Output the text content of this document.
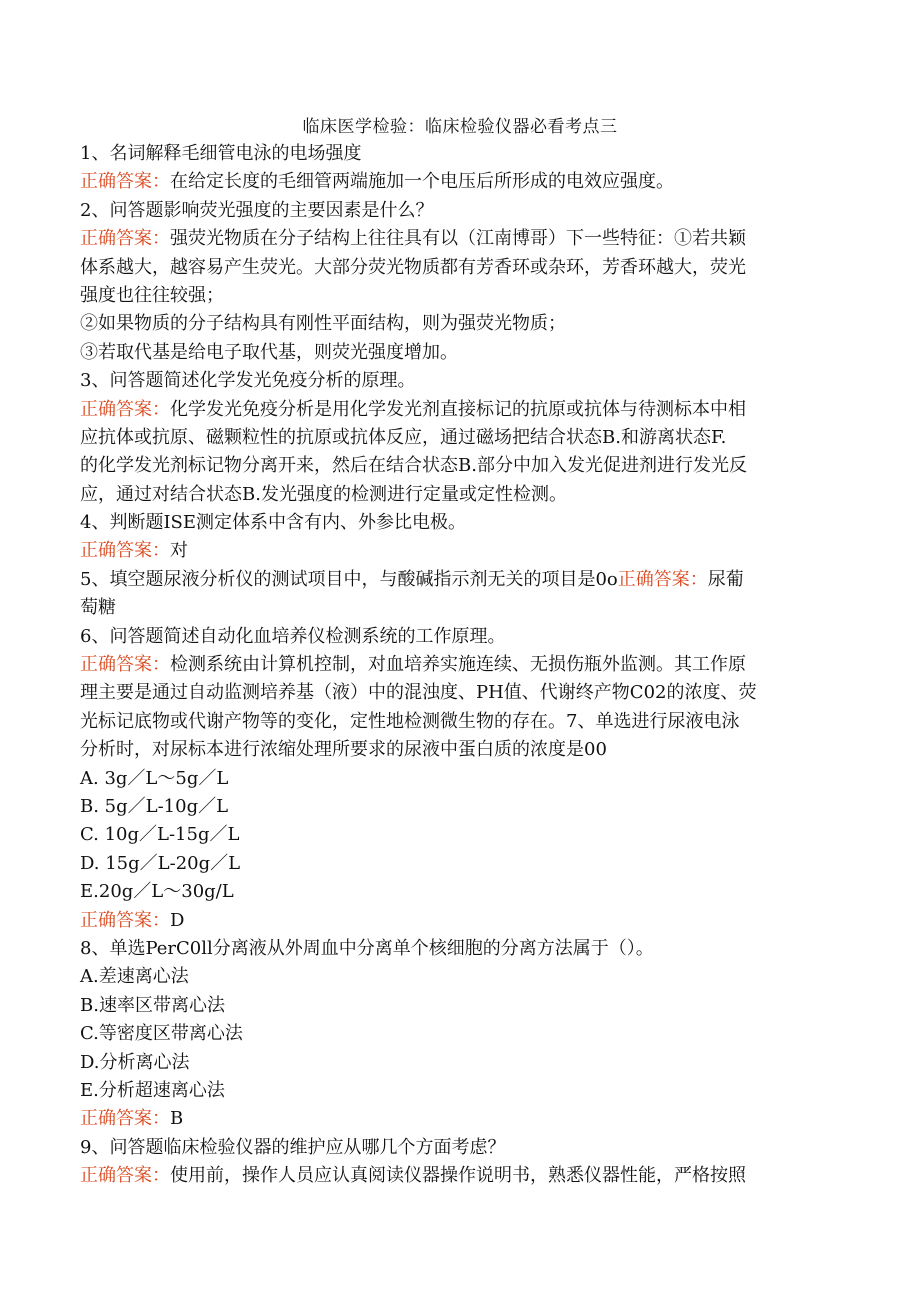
临床医学检验：临床检验仪器必看考点三
1、名词解释毛细管电泳的电场强度
正确答案：在给定长度的毛细管两端施加一个电压后所形成的电效应强度。
2、问答题影响荧光强度的主要因素是什么？
正确答案：强荧光物质在分子结构上往往具有以（江南博哥）下一些特征：①若共颖
体系越大，越容易产生荧光。大部分荧光物质都有芳香环或杂环，芳香环越大，荧光
强度也往往较强；
②如果物质的分子结构具有刚性平面结构，则为强荧光物质；
③若取代基是给电子取代基，则荧光强度增加。
3、问答题简述化学发光免疫分析的原理。
正确答案：化学发光免疫分析是用化学发光剂直接标记的抗原或抗体与待测标本中相
应抗体或抗原、磁颗粒性的抗原或抗体反应，通过磁场把结合状态B.和游离状态F.
的化学发光剂标记物分离开来，然后在结合状态B.部分中加入发光促进剂进行发光反
应，通过对结合状态B.发光强度的检测进行定量或定性检测。
4、判断题ISE测定体系中含有内、外参比电极。
正确答案：对
5、填空题尿液分析仪的测试项目中，与酸碱指示剂无关的项目是0o正确答案：尿葡
萄糖
6、问答题简述自动化血培养仪检测系统的工作原理。
正确答案：检测系统由计算机控制，对血培养实施连续、无损伤瓶外监测。其工作原
理主要是通过自动监测培养基（液）中的混浊度、PH值、代谢终产物C02的浓度、荧
光标记底物或代谢产物等的变化，定性地检测微生物的存在。7、单选进行尿液电泳
分析时，对尿标本进行浓缩处理所要求的尿液中蛋白质的浓度是00
A. 3g／L～5g／L
B. 5g／L-10g／L
C. 10g／L-15g／L
D. 15g／L-20g／L
E.20g／L～30g/L
正确答案：D
8、单选PerC0ll分离液从外周血中分离单个核细胞的分离方法属于（）。
A.差速离心法
B.速率区带离心法
C.等密度区带离心法
D.分析离心法
E.分析超速离心法
正确答案：B
9、问答题临床检验仪器的维护应从哪几个方面考虑？
正确答案：使用前，操作人员应认真阅读仪器操作说明书，熟悉仪器性能，严格按照
